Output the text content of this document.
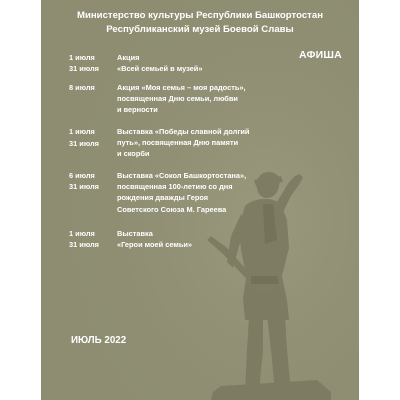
Министерство культуры Республики Башкортостан
Республиканский музей Боевой Славы
АФИША
1 июля
31 июля
Акция
«Всей семьей в музей»
8 июля	Акция «Моя семья – моя радость»,
посвященная Дню семьи, любви
и верности
1 июля
31 июля
Выставка «Победы славной долгий
путь», посвященная Дню памяти
и скорби
6 июля
31 июля
Выставка «Сокол Башкортостана»,
посвященная 100-летию со дня
рождения дважды Героя
Советского Союза М. Гареева
1 июля
31 июля
Выставка
«Герои моей семьи»
ИЮЛЬ 2022
